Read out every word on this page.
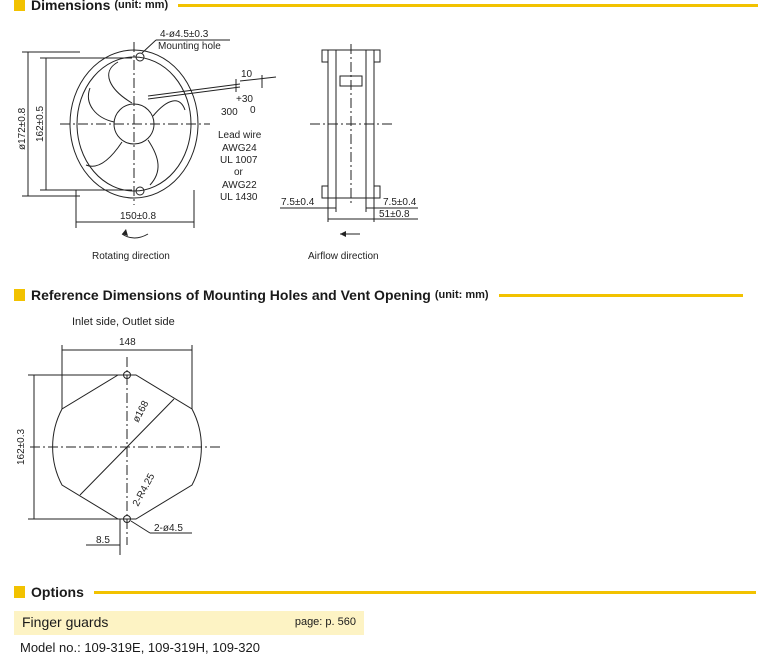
Dimensions (unit: mm)
4-ø4.5±0.3
Mounting hole
10
+30
300 0
Lead wire
AWG24
UL 1007
or
AWG22
UL 1430
150±0.8
Rotating direction
ø172±0.8 162±0.5
7.5±0.4	7.5±0.4
51±0.8
Airflow direction
Reference Dimensions of Mounting Holes and Vent Opening (unit: mm)
Inlet side, Outlet side
148
162±0.3
ø168
2-R4.25
2-ø4.5
8.5
Options
Finger guards	page: p. 560
Model no.: 109-319E, 109-319H, 109-320
